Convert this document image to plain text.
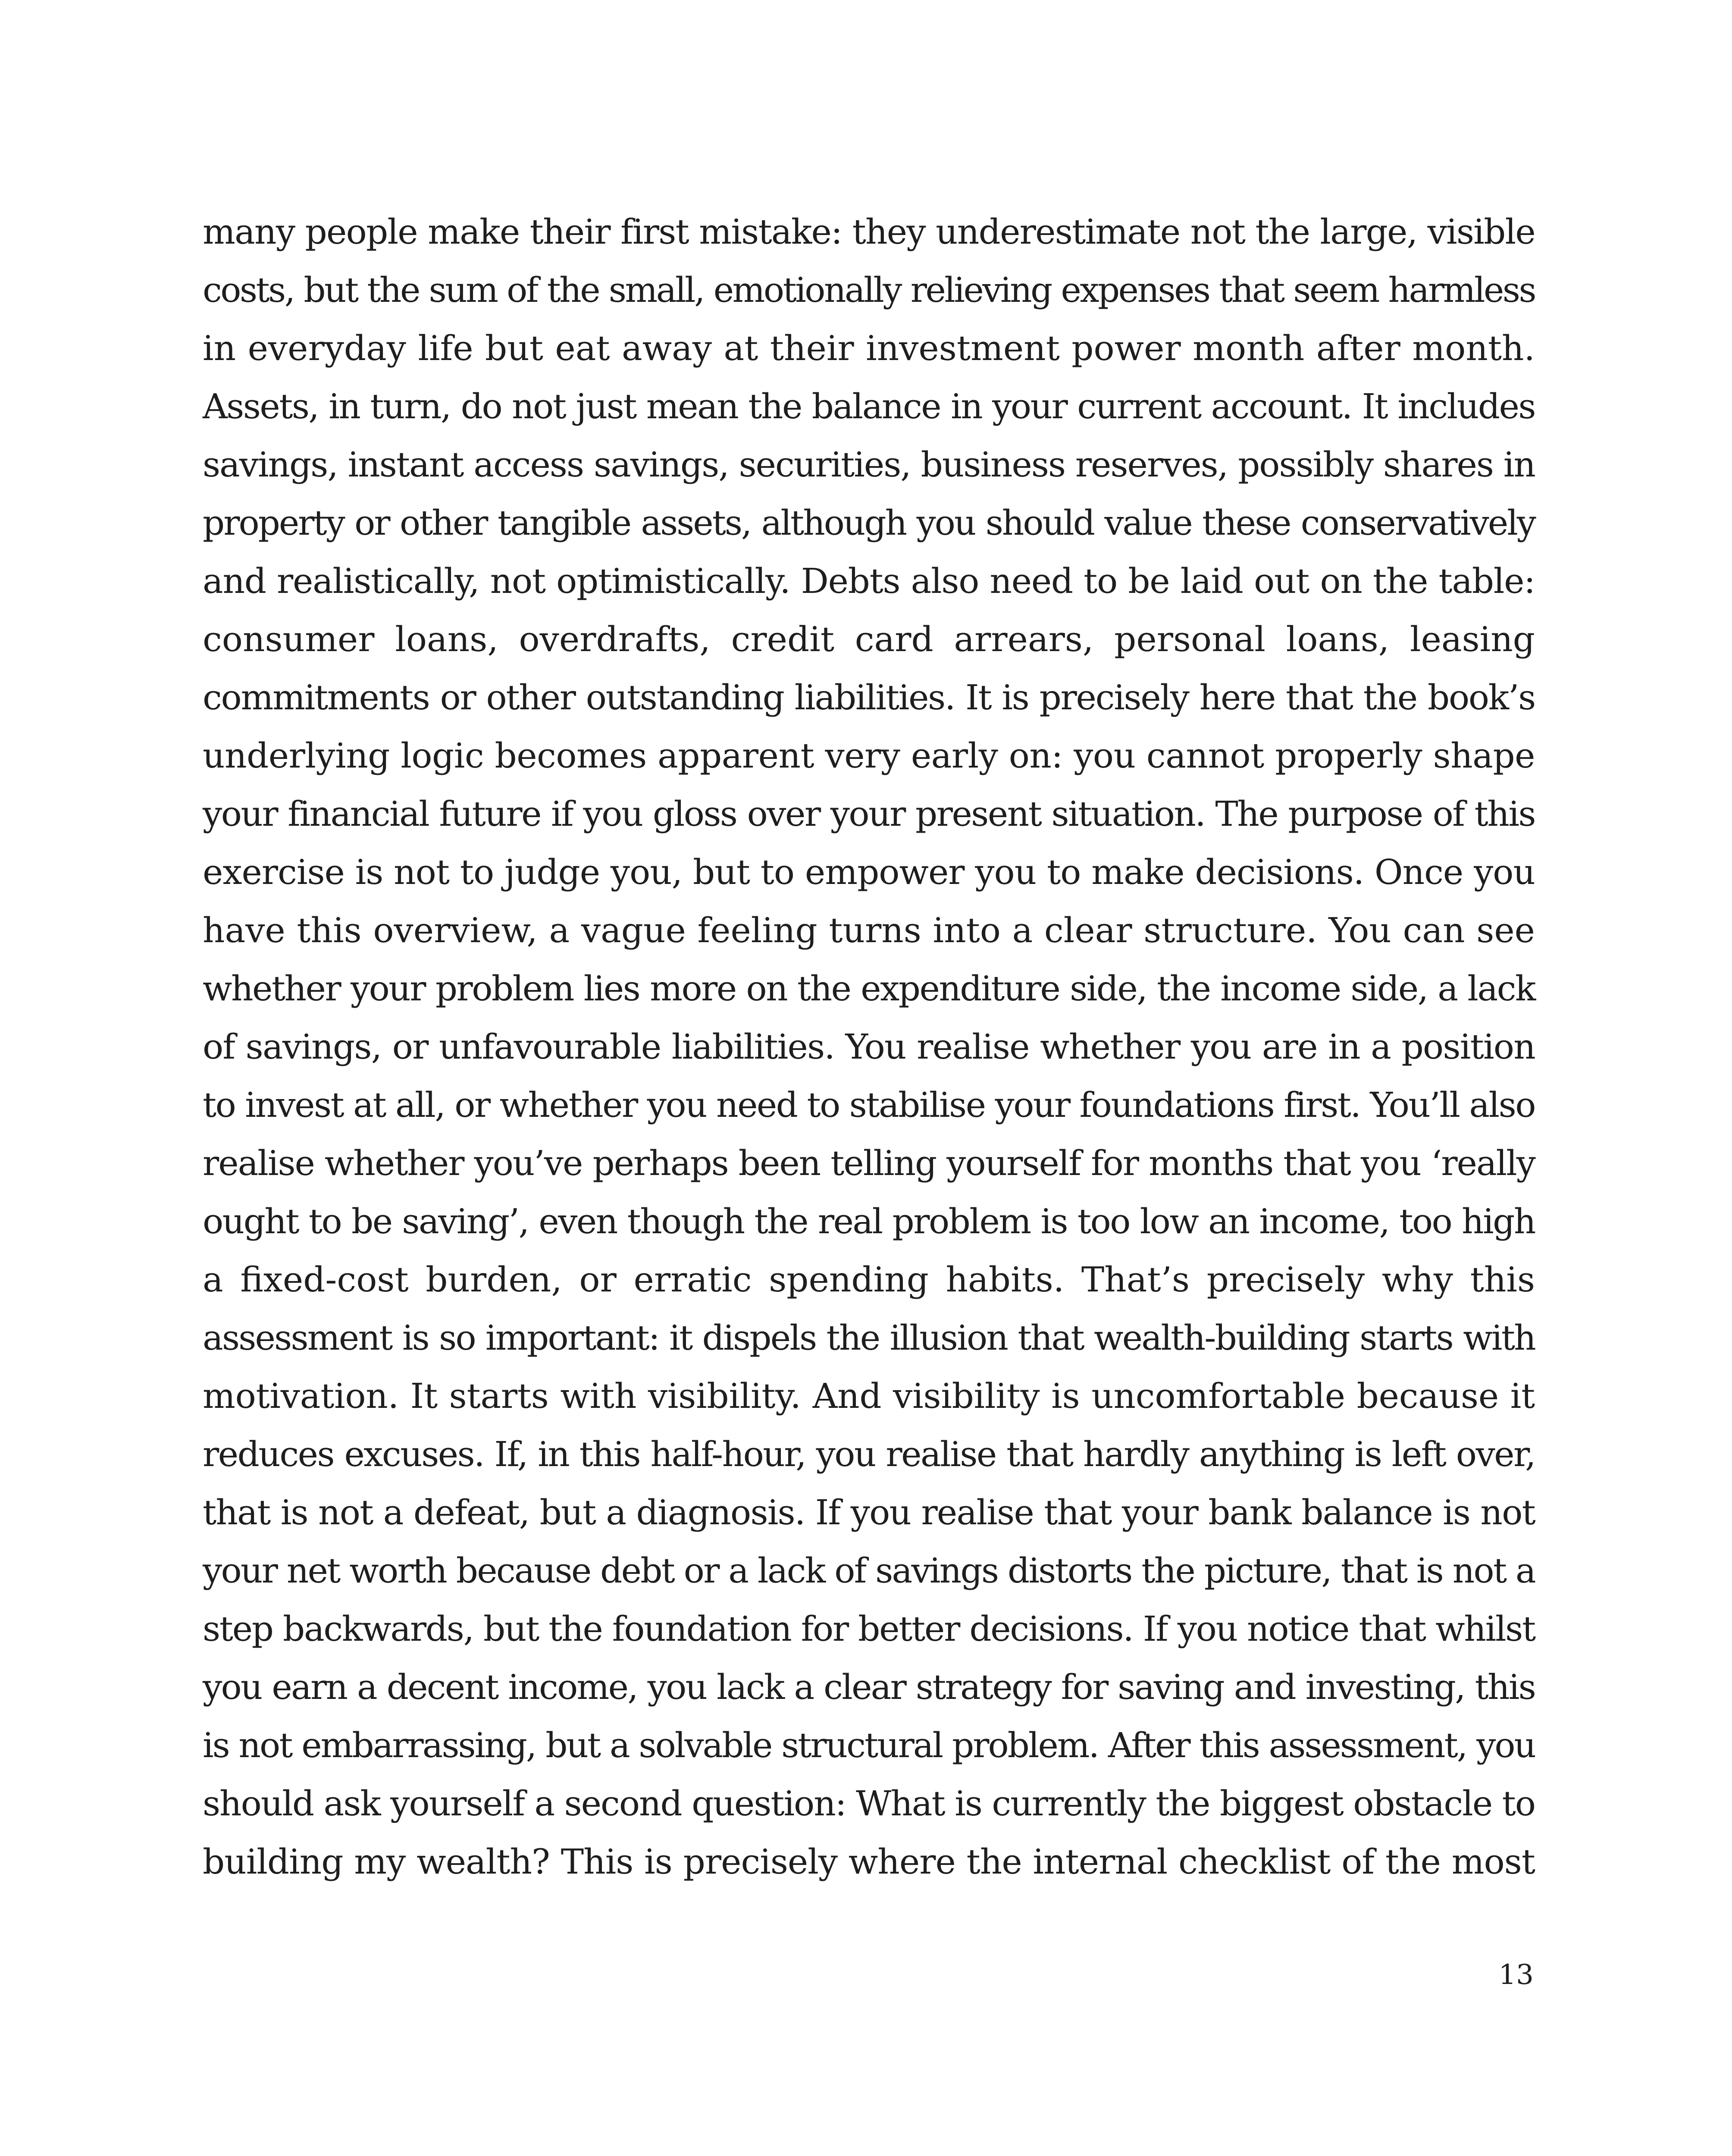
many people make their first mistake: they underestimate not the large, visible
costs, but the sum of the small, emotionally relieving expenses that seem harmless
in everyday life but eat away at their investment power month after month.
Assets, in turn, do not just mean the balance in your current account. It includes
savings, instant access savings, securities, business reserves, possibly shares in
property or other tangible assets, although you should value these conservatively
and realistically, not optimistically. Debts also need to be laid out on the table:
consumer loans, overdrafts, credit card arrears, personal loans, leasing
commitments or other outstanding liabilities. It is precisely here that the book’s
underlying logic becomes apparent very early on: you cannot properly shape
your financial future if you gloss over your present situation. The purpose of this
exercise is not to judge you, but to empower you to make decisions. Once you
have this overview, a vague feeling turns into a clear structure. You can see
whether your problem lies more on the expenditure side, the income side, a lack
of savings, or unfavourable liabilities. You realise whether you are in a position
to invest at all, or whether you need to stabilise your foundations first. You’ll also
realise whether you’ve perhaps been telling yourself for months that you ‘really
ought to be saving’, even though the real problem is too low an income, too high
a fixed-cost burden, or erratic spending habits. That’s precisely why this
assessment is so important: it dispels the illusion that wealth-building starts with
motivation. It starts with visibility. And visibility is uncomfortable because it
reduces excuses. If, in this half-hour, you realise that hardly anything is left over,
that is not a defeat, but a diagnosis. If you realise that your bank balance is not
your net worth because debt or a lack of savings distorts the picture, that is not a
step backwards, but the foundation for better decisions. If you notice that whilst
you earn a decent income, you lack a clear strategy for saving and investing, this
is not embarrassing, but a solvable structural problem. After this assessment, you
should ask yourself a second question: What is currently the biggest obstacle to
building my wealth? This is precisely where the internal checklist of the most
13
